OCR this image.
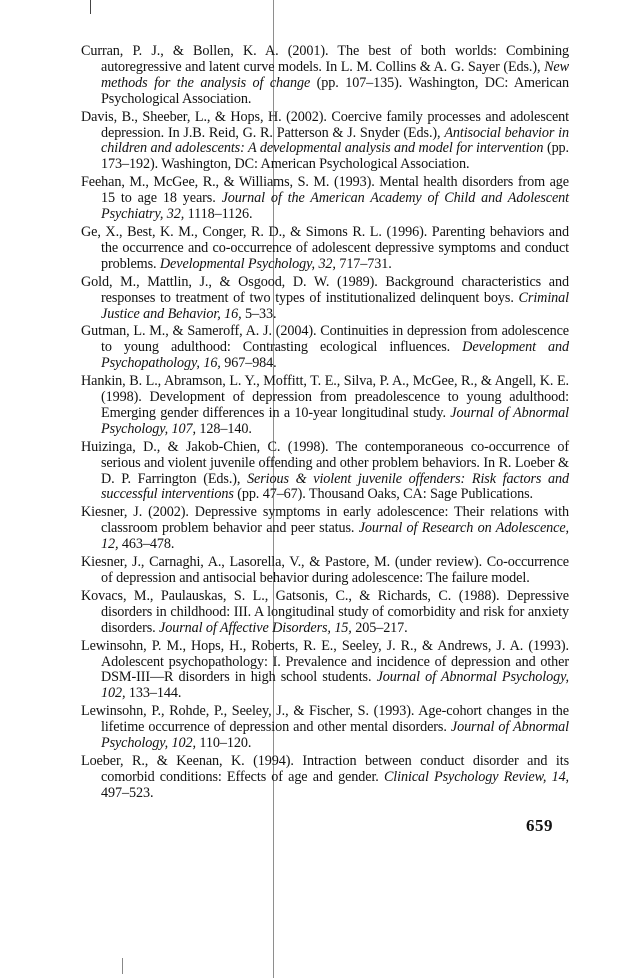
Curran, P. J., & Bollen, K. A. (2001). The best of both worlds: Combining autoregressive and latent curve models. In L. M. Collins & A. G. Sayer (Eds.), New methods for the analysis of change (pp. 107–135). Washington, DC: American Psychological Association.

Davis, B., Sheeber, L., & Hops, H. (2002). Coercive family processes and adolescent depression. In J.B. Reid, G. R. Patterson & J. Snyder (Eds.), Antisocial behavior in children and adolescents: A developmental analysis and model for intervention (pp. 173–192). Washington, DC: American Psychological Association.

Feehan, M., McGee, R., & Williams, S. M. (1993). Mental health disorders from age 15 to age 18 years. Journal of the American Academy of Child and Adolescent Psychiatry, 32, 1118–1126.

Ge, X., Best, K. M., Conger, R. D., & Simons R. L. (1996). Parenting behaviors and the occurrence and co-occurrence of adolescent depressive symptoms and conduct problems. Developmental Psychology, 32, 717–731.

Gold, M., Mattlin, J., & Osgood, D. W. (1989). Background characteristics and responses to treatment of two types of institutionalized delinquent boys. Criminal Justice and Behavior, 16, 5–33.

Gutman, L. M., & Sameroff, A. J. (2004). Continuities in depression from adolescence to young adulthood: Contrasting ecological influences. Development and Psychopathology, 16, 967–984.

Hankin, B. L., Abramson, L. Y., Moffitt, T. E., Silva, P. A., McGee, R., & Angell, K. E. (1998). Development of depression from preadolescence to young adulthood: Emerging gender differences in a 10-year longitudinal study. Journal of Abnormal Psychology, 107, 128–140.

Huizinga, D., & Jakob-Chien, C. (1998). The contemporaneous co-occurrence of serious and violent juvenile offending and other problem behaviors. In R. Loeber & D. P. Farrington (Eds.), Serious & violent juvenile offenders: Risk factors and successful interventions (pp. 47–67). Thousand Oaks, CA: Sage Publications.

Kiesner, J. (2002). Depressive symptoms in early adolescence: Their relations with classroom problem behavior and peer status. Journal of Research on Adolescence, 12, 463–478.

Kiesner, J., Carnaghi, A., Lasorella, V., & Pastore, M. (under review). Co-occurrence of depression and antisocial behavior during adolescence: The failure model.

Kovacs, M., Paulauskas, S. L., Gatsonis, C., & Richards, C. (1988). Depressive disorders in childhood: III. A longitudinal study of comorbidity and risk for anxiety disorders. Journal of Affective Disorders, 15, 205–217.

Lewinsohn, P. M., Hops, H., Roberts, R. E., Seeley, J. R., & Andrews, J. A. (1993). Adolescent psychopathology: I. Prevalence and incidence of depression and other DSM-III—R disorders in high school students. Journal of Abnormal Psychology, 102, 133–144.

Lewinsohn, P., Rohde, P., Seeley, J., & Fischer, S. (1993). Age-cohort changes in the lifetime occurrence of depression and other mental disorders. Journal of Abnormal Psychology, 102, 110–120.

Loeber, R., & Keenan, K. (1994). Intraction between conduct disorder and its comorbid conditions: Effects of age and gender. Clinical Psychology Review, 14, 497–523.

659
